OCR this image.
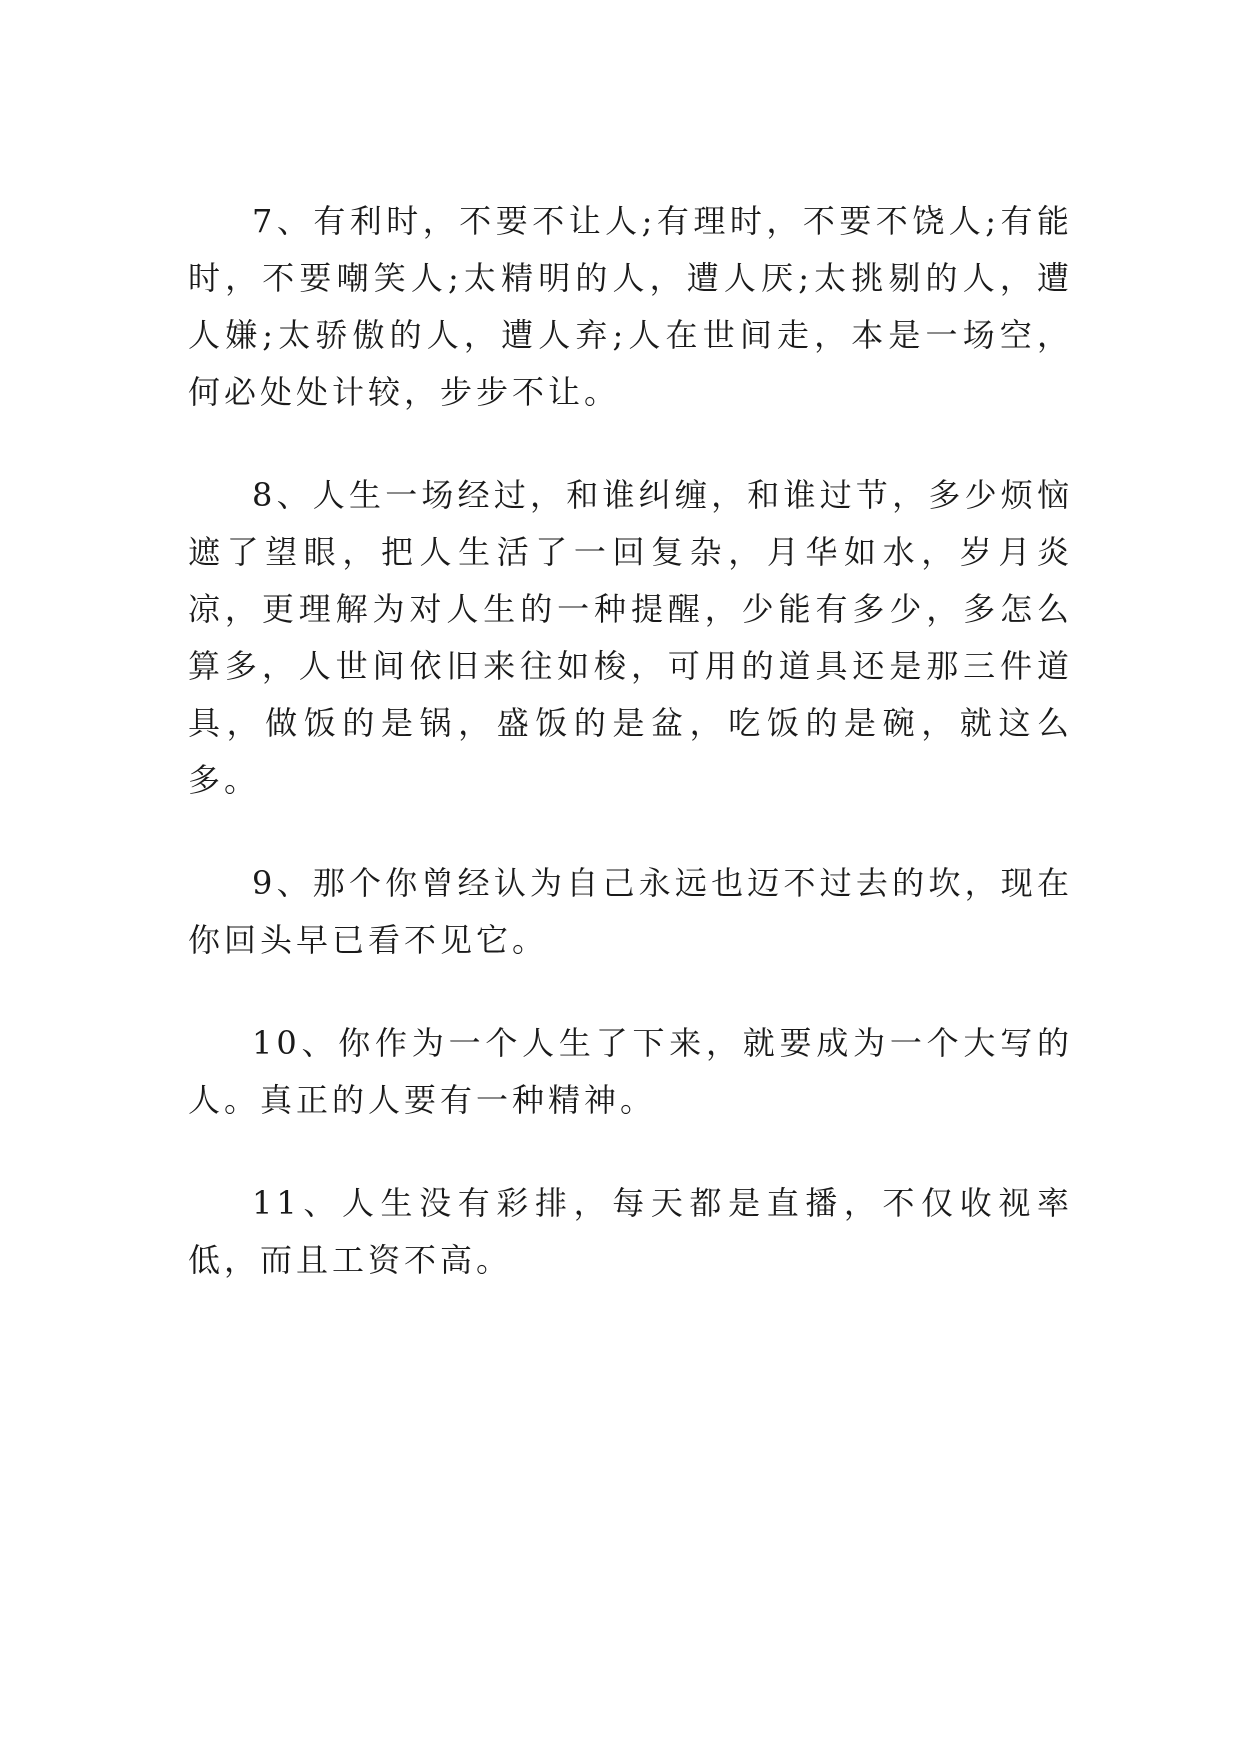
7、有利时，不要不让人;有理时，不要不饶人;有能时，不要嘲笑人;太精明的人，遭人厌;太挑剔的人，遭人嫌;太骄傲的人，遭人弃;人在世间走，本是一场空，何必处处计较，步步不让。

8、人生一场经过，和谁纠缠，和谁过节，多少烦恼遮了望眼，把人生活了一回复杂，月华如水，岁月炎凉，更理解为对人生的一种提醒，少能有多少，多怎么算多，人世间依旧来往如梭，可用的道具还是那三件道具，做饭的是锅，盛饭的是盆，吃饭的是碗，就这么多。

9、那个你曾经认为自己永远也迈不过去的坎，现在你回头早已看不见它。

10、你作为一个人生了下来，就要成为一个大写的人。真正的人要有一种精神。

11、人生没有彩排，每天都是直播，不仅收视率低，而且工资不高。
